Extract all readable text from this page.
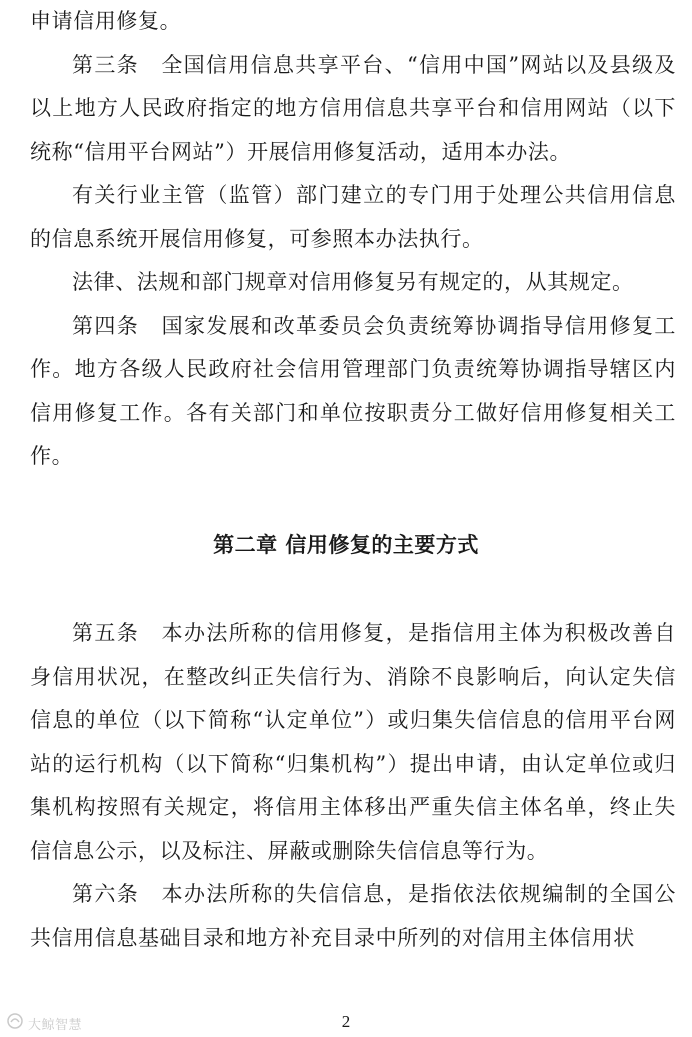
申请信用修复。

第三条　全国信用信息共享平台、“信用中国”网站以及县级及以上地方人民政府指定的地方信用信息共享平台和信用网站（以下统称“信用平台网站”）开展信用修复活动，适用本办法。

有关行业主管（监管）部门建立的专门用于处理公共信用信息的信息系统开展信用修复，可参照本办法执行。

法律、法规和部门规章对信用修复另有规定的，从其规定。

第四条　国家发展和改革委员会负责统筹协调指导信用修复工作。地方各级人民政府社会信用管理部门负责统筹协调指导辖区内信用修复工作。各有关部门和单位按职责分工做好信用修复相关工作。

第二章 信用修复的主要方式

第五条　本办法所称的信用修复，是指信用主体为积极改善自身信用状况，在整改纠正失信行为、消除不良影响后，向认定失信信息的单位（以下简称“认定单位”）或归集失信信息的信用平台网站的运行机构（以下简称“归集机构”）提出申请，由认定单位或归集机构按照有关规定，将信用主体移出严重失信主体名单，终止失信信息公示，以及标注、屏蔽或删除失信信息等行为。

第六条　本办法所称的失信信息，是指依法依规编制的全国公共信用信息基础目录和地方补充目录中所列的对信用主体信用状

2
大鲸智慧
